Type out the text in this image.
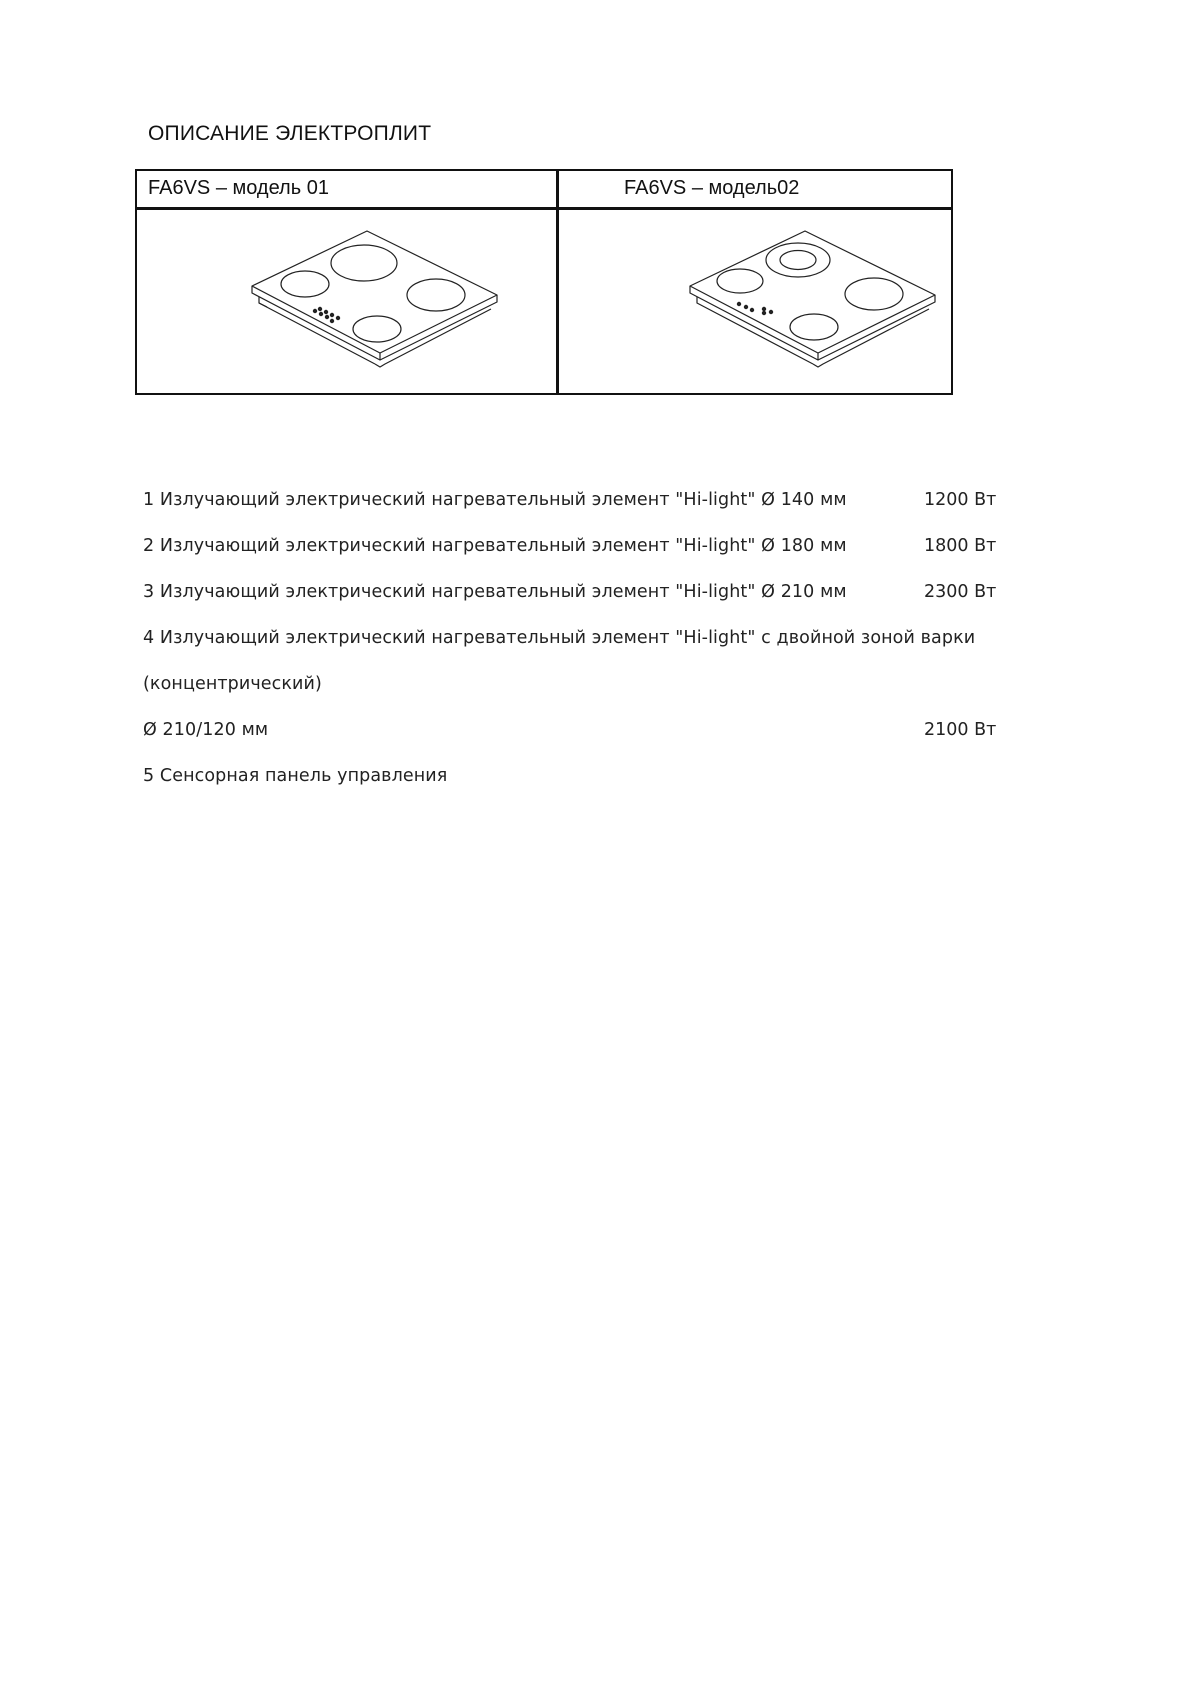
ОПИСАНИЕ ЭЛЕКТРОПЛИТ
FA6VS – модель 01	FA6VS – модель02
1 Излучающий электрический нагревательный элемент "Hi-light" Ø 140 мм	1200 Вт
2 Излучающий электрический нагревательный элемент "Hi-light" Ø 180 мм	1800 Вт
3 Излучающий электрический нагревательный элемент "Hi-light" Ø 210 мм	2300 Вт
4 Излучающий электрический нагревательный элемент "Hi-light" с двойной зоной варки
(концентрический)
Ø 210/120 мм	2100 Вт
5 Сенсорная панель управления
